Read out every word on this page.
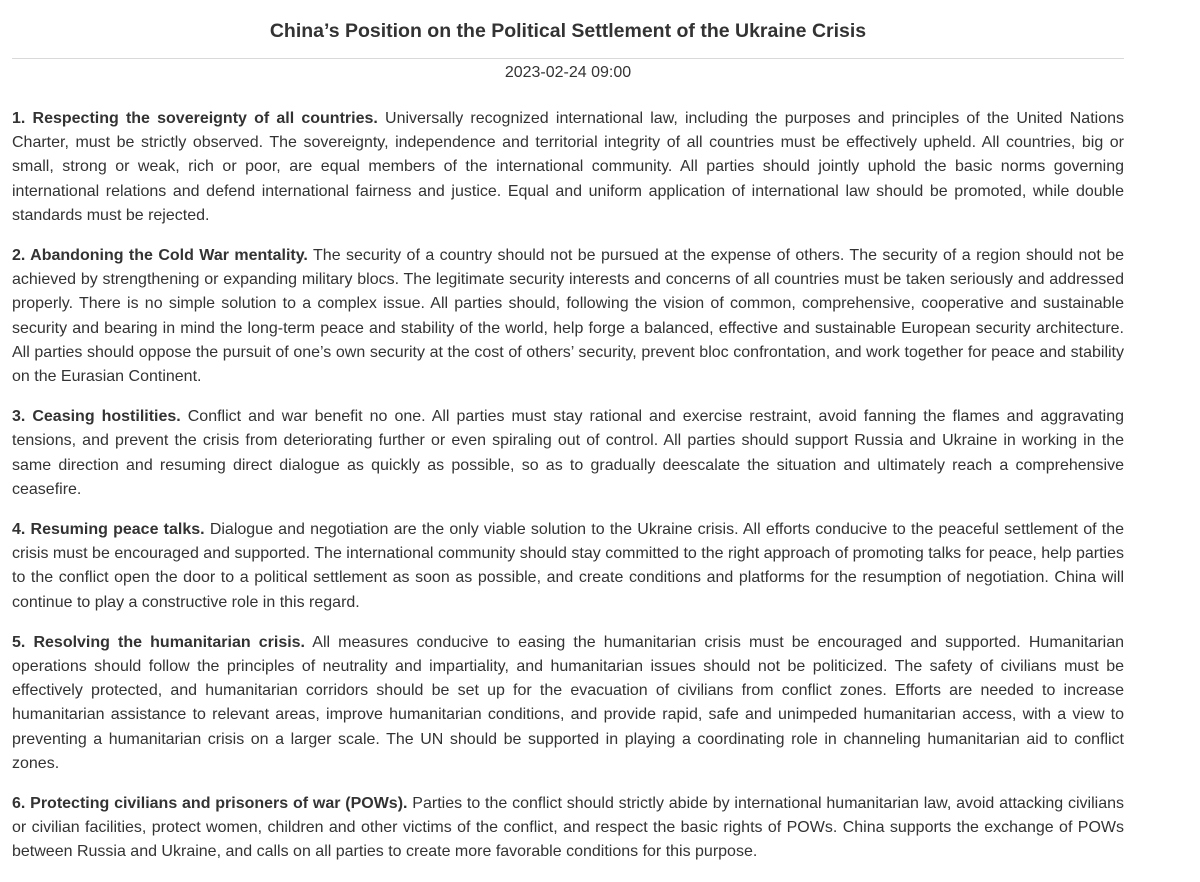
China’s Position on the Political Settlement of the Ukraine Crisis
2023-02-24 09:00

1. Respecting the sovereignty of all countries. Universally recognized international law, including the purposes and principles of the United Nations Charter, must be strictly observed. The sovereignty, independence and territorial integrity of all countries must be effectively upheld. All countries, big or small, strong or weak, rich or poor, are equal members of the international community. All parties should jointly uphold the basic norms governing international relations and defend international fairness and justice. Equal and uniform application of international law should be promoted, while double standards must be rejected.

2. Abandoning the Cold War mentality. The security of a country should not be pursued at the expense of others. The security of a region should not be achieved by strengthening or expanding military blocs. The legitimate security interests and concerns of all countries must be taken seriously and addressed properly. There is no simple solution to a complex issue. All parties should, following the vision of common, comprehensive, cooperative and sustainable security and bearing in mind the long-term peace and stability of the world, help forge a balanced, effective and sustainable European security architecture. All parties should oppose the pursuit of one’s own security at the cost of others’ security, prevent bloc confrontation, and work together for peace and stability on the Eurasian Continent.

3. Ceasing hostilities. Conflict and war benefit no one. All parties must stay rational and exercise restraint, avoid fanning the flames and aggravating tensions, and prevent the crisis from deteriorating further or even spiraling out of control. All parties should support Russia and Ukraine in working in the same direction and resuming direct dialogue as quickly as possible, so as to gradually deescalate the situation and ultimately reach a comprehensive ceasefire.

4. Resuming peace talks. Dialogue and negotiation are the only viable solution to the Ukraine crisis. All efforts conducive to the peaceful settlement of the crisis must be encouraged and supported. The international community should stay committed to the right approach of promoting talks for peace, help parties to the conflict open the door to a political settlement as soon as possible, and create conditions and platforms for the resumption of negotiation. China will continue to play a constructive role in this regard.

5. Resolving the humanitarian crisis. All measures conducive to easing the humanitarian crisis must be encouraged and supported. Humanitarian operations should follow the principles of neutrality and impartiality, and humanitarian issues should not be politicized. The safety of civilians must be effectively protected, and humanitarian corridors should be set up for the evacuation of civilians from conflict zones. Efforts are needed to increase humanitarian assistance to relevant areas, improve humanitarian conditions, and provide rapid, safe and unimpeded humanitarian access, with a view to preventing a humanitarian crisis on a larger scale. The UN should be supported in playing a coordinating role in channeling humanitarian aid to conflict zones.

6. Protecting civilians and prisoners of war (POWs). Parties to the conflict should strictly abide by international humanitarian law, avoid attacking civilians or civilian facilities, protect women, children and other victims of the conflict, and respect the basic rights of POWs. China supports the exchange of POWs between Russia and Ukraine, and calls on all parties to create more favorable conditions for this purpose.
